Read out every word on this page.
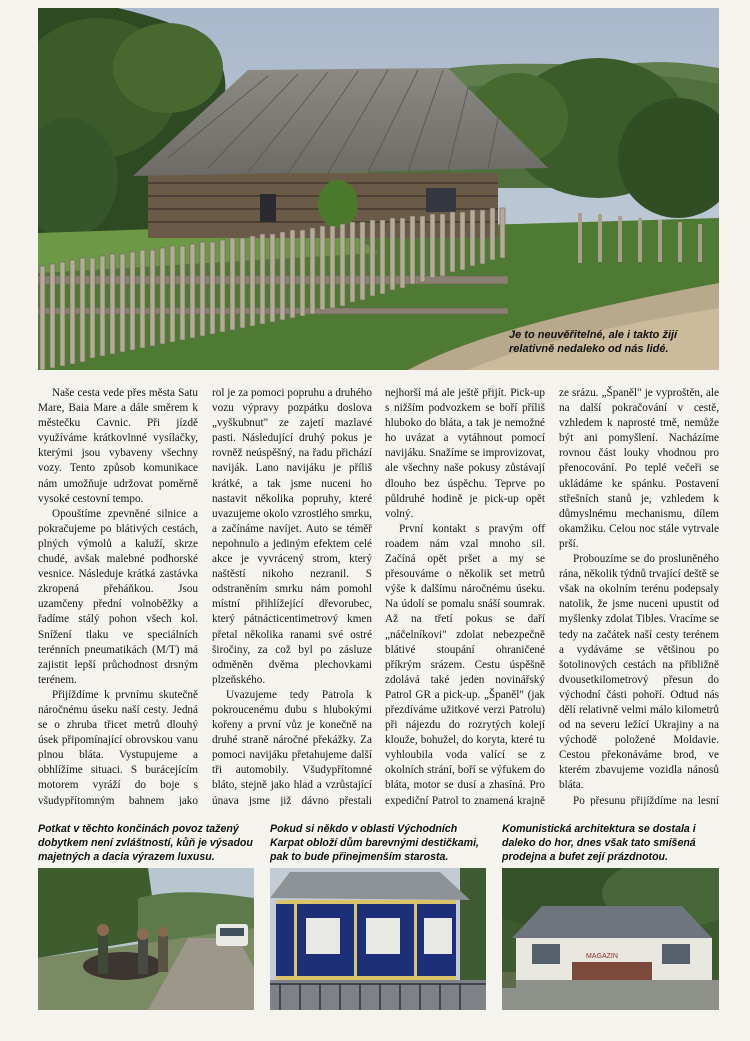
Je to neuvěřitelné, ale i takto žijí relativně nedaleko od nás lidé.

Naše cesta vede přes města Satu Mare, Baia Mare a dále směrem k městečku Cavnic. Při jízdě využíváme krátkovlnné vysílačky, kterými jsou vybaveny všechny vozy. Tento způsob komunikace nám umožňuje udržovat poměrně vysoké cestovní tempo.

Opouštíme zpevněné silnice a pokračujeme po blátivých cestách, plných výmolů a kaluží, skrze chudé, avšak malebné podhorské vesnice. Následuje krátká zastávka zkropená přeháňkou. Jsou uzamčeny přední volnoběžky a řadíme stálý pohon všech kol. Snížení tlaku ve speciálních terénních pneumatikách (M/T) má zajistit lepší průchodnost drsným terénem.

Přijíždíme k prvnímu skutečně náročnému úseku naší cesty. Jedná se o zhruba třicet metrů dlouhý úsek připomínající obrovskou vanu plnou bláta. Vystupujeme a obhlížíme situaci. S burácejícím motorem vyráží do boje s všudypřítomným bahnem jako

rol je za pomoci popruhu a druhého vozu výpravy pozpátku doslova „vyškubnut" ze zajetí mazlavé pasti. Následující druhý pokus je rovněž neúspěšný, na řadu přichází naviják. Lano navijáku je příliš krátké, a tak jsme nuceni ho nastavit několika popruhy, které uvazujeme okolo vzrostlého smrku, a začínáme navíjet. Auto se téměř nepohnulo a jediným efektem celé akce je vyvrácený strom, který naštěstí nikoho nezranil. S odstraněním smrku nám pomohl místní přihlížející dřevorubec, který pátnácticentimetrový kmen přetal několika ranami své ostré širočiny, za což byl po zásluze odměněn dvěma plechovkami plzeňského.

Uvazujeme tedy Patrola k pokroucenému dubu s hlubokými kořeny a první vůz je konečně na druhé straně náročné překážky. Za pomoci navijáku přetahujeme další tři automobily. Všudypřítomné bláto, stejně jako hlad a vzrůstající únava jsme již dávno přestali

nejhorší má ale ještě přijít. Pick-up s nižším podvozkem se boří příliš hluboko do bláta, a tak je nemožné ho uvázat a vytáhnout pomocí navijáku. Snažíme se improvizovat, ale všechny naše pokusy zůstávají dlouho bez úspěchu. Teprve po půldruhé hodině je pick-up opět volný.

První kontakt s pravým off roadem nám vzal mnoho sil. Začíná opět pršet a my se přesouváme o několik set metrů výše k dalšímu náročnému úseku. Na údolí se pomalu snáší soumrak. Až na třetí pokus se daří „náčelníkovi" zdolat nebezpečně blátivé stoupání ohraničené příkrým srázem. Cestu úspěšně zdolává také jeden novinářský Patrol GR a pick-up. „Španěl" (jak přezdíváme užitkové verzi Patrolu) při nájezdu do rozrytých kolejí klouže, bohužel, do koryta, které tu vyhloubila voda valící se z okolních strání, boří se výfukem do bláta, motor se dusí a zhasíná. Pro expediční Patrol to znamená krajně

ze srázu. „Španěl" je vyproštěn, ale na další pokračování v cestě, vzhledem k naprosté tmě, nemůže být ani pomyšlení. Nacházíme rovnou část louky vhodnou pro přenocování. Po teplé večeři se ukládáme ke spánku. Postavení střešních stanů je, vzhledem k důmyslnému mechanismu, dílem okamžiku. Celou noc stále vytrvale prší.

Probouzíme se do prosluněného rána, několik týdnů trvající deště se však na okolním terénu podepsaly natolik, že jsme nuceni upustit od myšlenky zdolat Tibles. Vracíme se tedy na začátek naší cesty terénem a vydáváme se většinou po šotolinových cestách na přibližně dvousetkilometrový přesun do východní části pohoří. Odtud nás dělí relativně velmi málo kilometrů od na severu ležící Ukrajiny a na východě položené Moldavie. Cestou překonáváme brod, ve kterém zbavujeme vozidla nánosů bláta.

Po přesunu přijíždíme na lesní

Potkat v těchto končinách povoz tažený dobytkem není zvláštností, kůň je výsadou majetných a dacia výrazem luxusu.
Pokud si někdo v oblasti Východních Karpat obloží dům barevnými destičkami, pak to bude přinejmenším starosta.
Komunistická architektura se dostala i daleko do hor, dnes však tato smíšená prodejna a bufet zejí prázdnotou.
MAGAZIN
